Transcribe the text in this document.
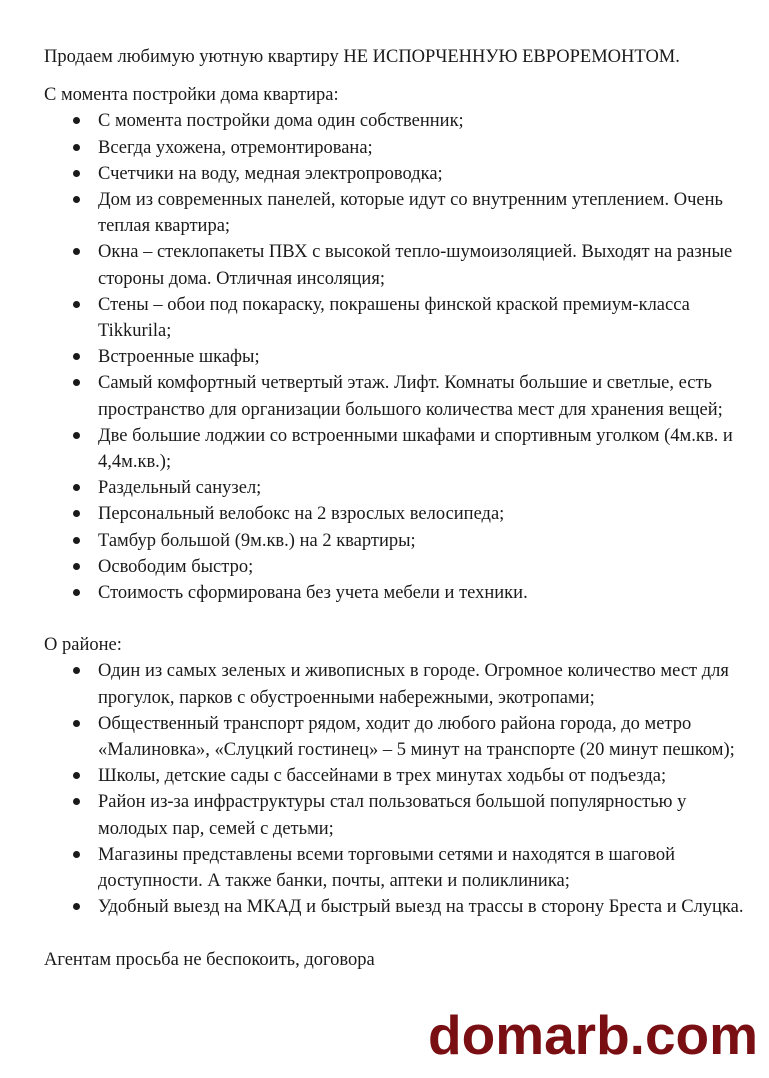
Продаем любимую уютную квартиру НЕ ИСПОРЧЕННУЮ ЕВРОРЕМОНТОМ.

С момента постройки дома квартира:

С момента постройки дома один собственник;
Всегда ухожена, отремонтирована;
Счетчики на воду, медная электропроводка;
Дом из современных панелей, которые идут со внутренним утеплением. Очень теплая квартира;
Окна – стеклопакеты ПВХ с высокой тепло-шумоизоляцией. Выходят на разные стороны дома. Отличная инсоляция;
Стены – обои под покараску, покрашены финской краской премиум-класса Tikkurila;
Встроенные шкафы;
Самый комфортный четвертый этаж. Лифт. Комнаты большие и светлые, есть пространство для организации большого количества мест для хранения вещей;
Две большие лоджии со встроенными шкафами и спортивным уголком (4м.кв. и 4,4м.кв.);
Раздельный санузел;
Персональный велобокс на 2 взрослых велосипеда;
Тамбур большой (9м.кв.) на 2 квартиры;
Освободим быстро;
Стоимость сформирована без учета мебели и техники.

О районе:

Один из самых зеленых и живописных в городе. Огромное количество мест для прогулок, парков с обустроенными набережными, экотропами;
Общественный транспорт рядом, ходит до любого района города, до метро «Малиновка», «Слуцкий гостинец» – 5 минут на транспорте (20 минут пешком);
Школы, детские сады с бассейнами в трех минутах ходьбы от подъезда;
Район из-за инфраструктуры стал пользоваться большой популярностью у молодых пар, семей с детьми;
Магазины представлены всеми торговыми сетями и находятся в шаговой доступности. А также банки, почты, аптеки и поликлиника;
Удобный выезд на МКАД и быстрый выезд на трассы в сторону Бреста и Слуцка.

Агентам просьба не беспокоить, договора

domarb.com
